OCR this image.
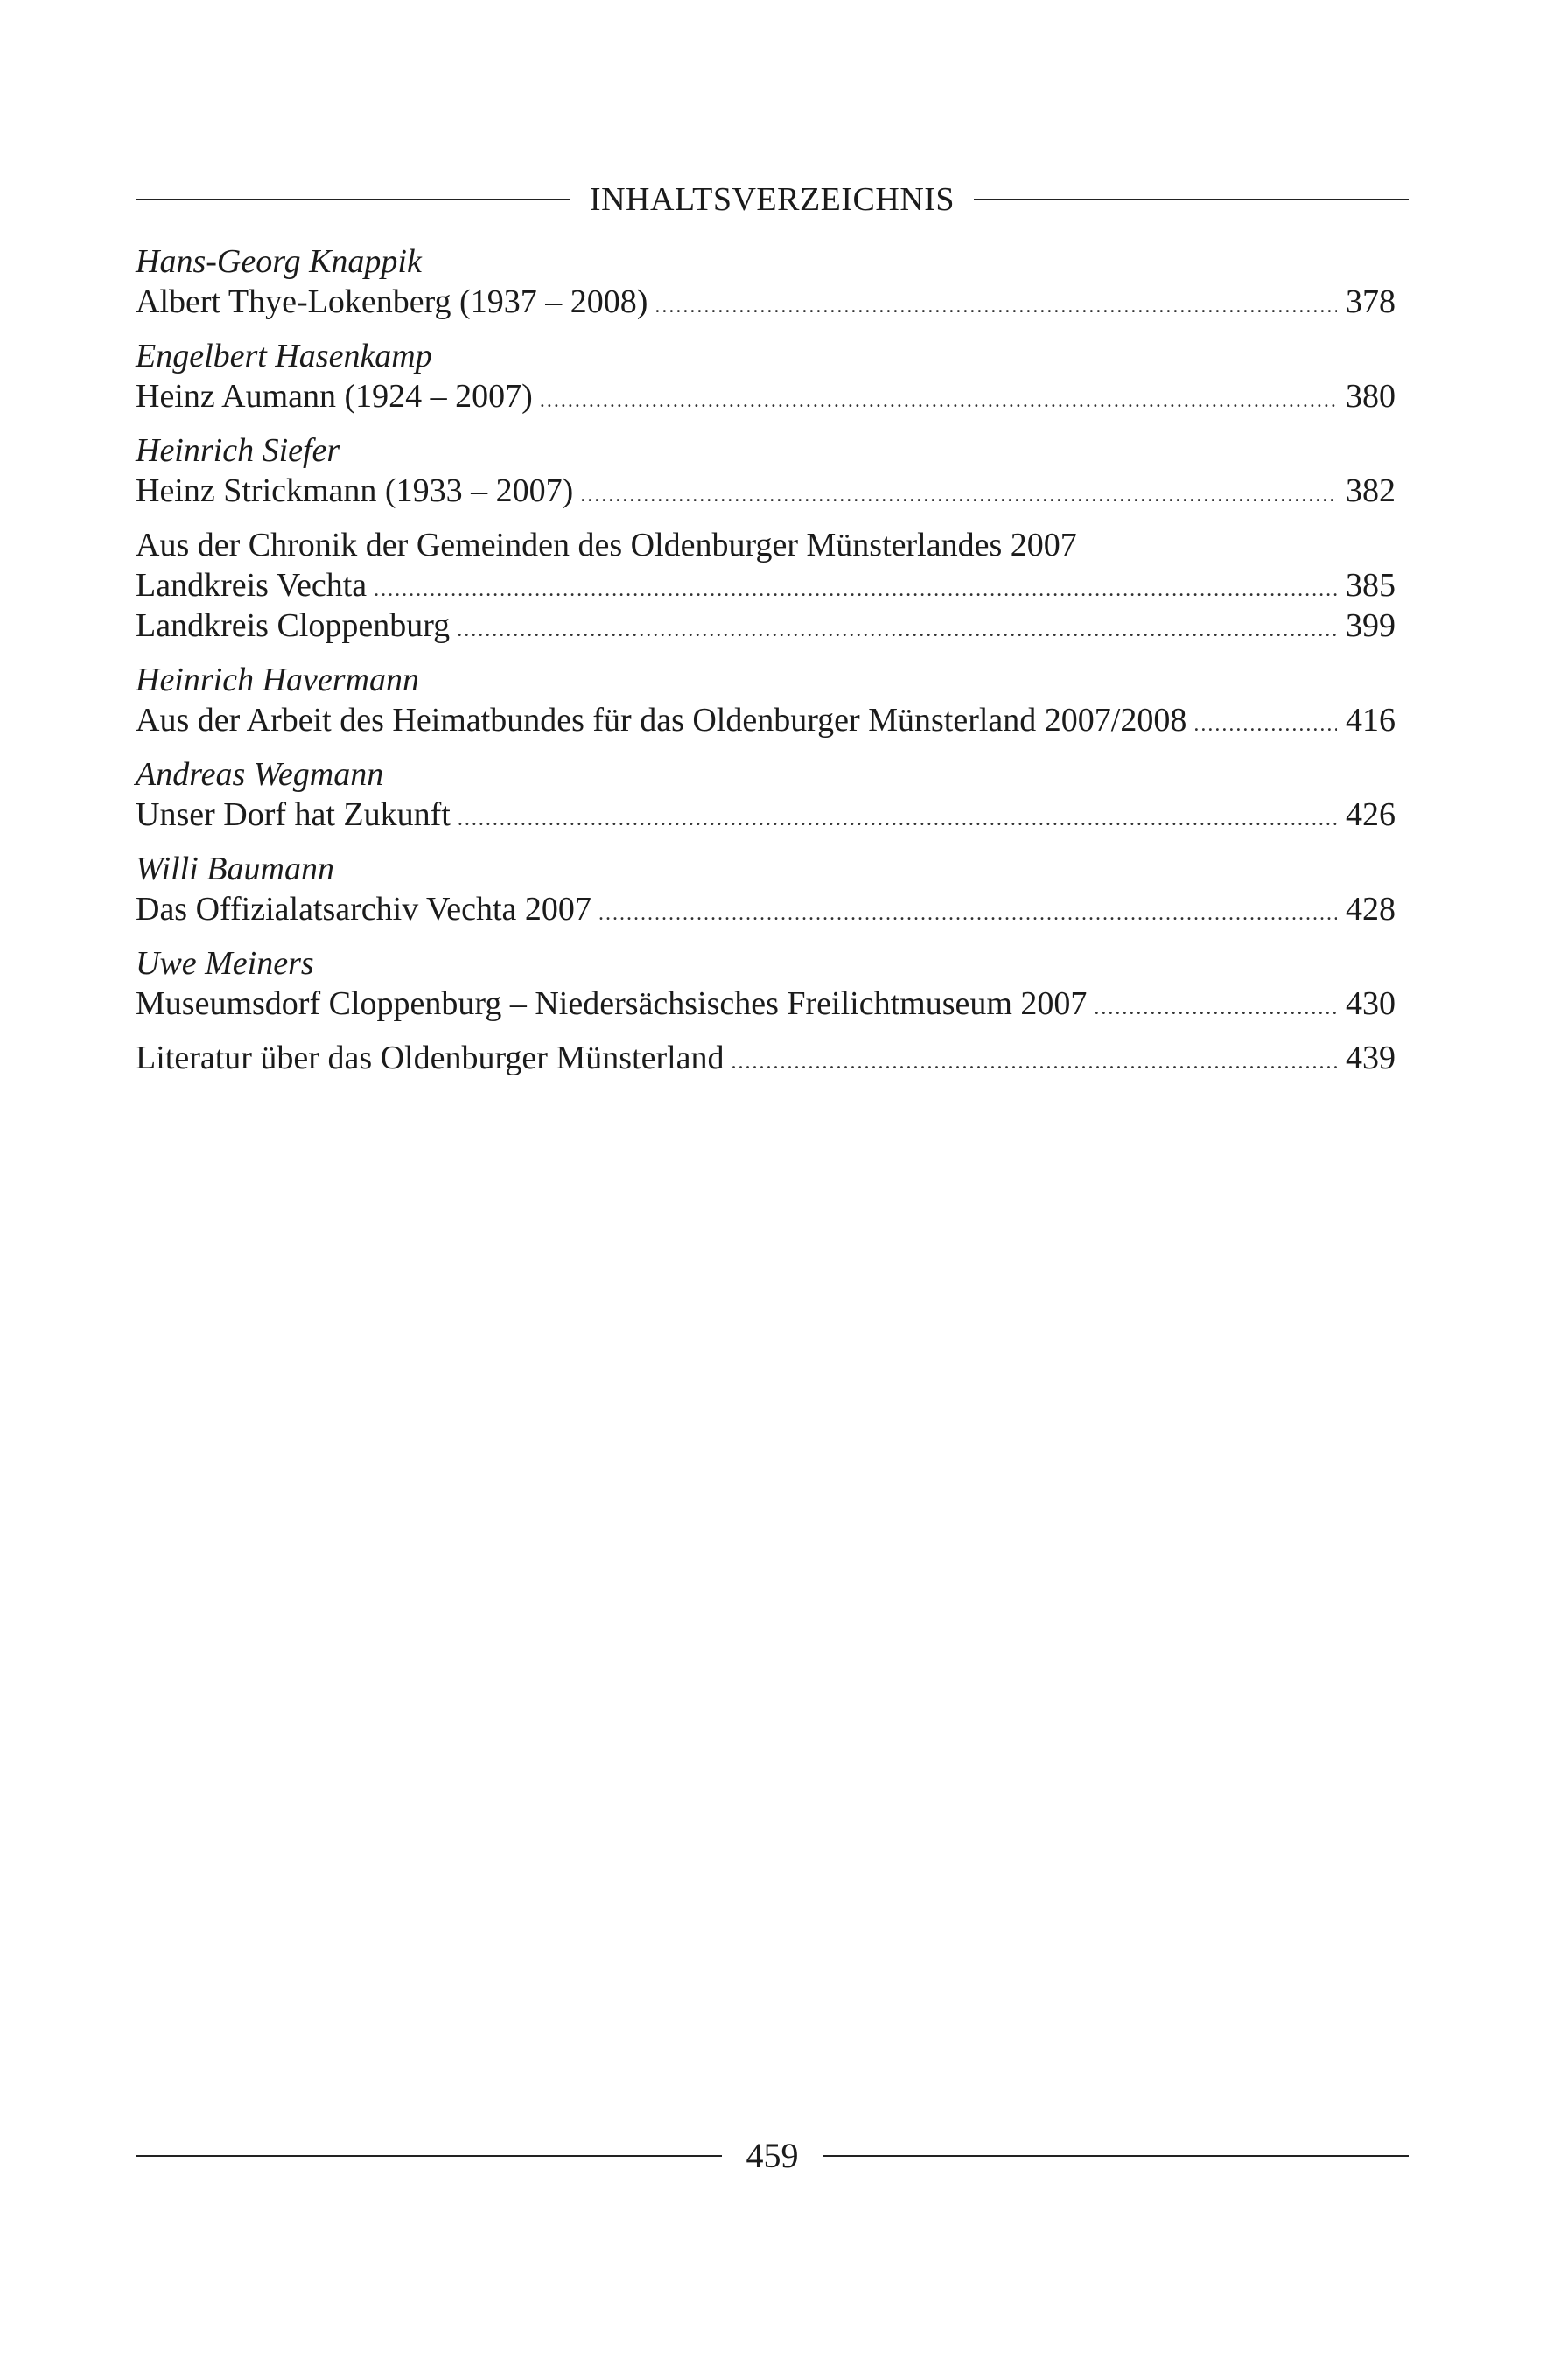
INHALTSVERZEICHNIS
Hans-Georg Knappik
Albert Thye-Lokenberg (1937 – 2008) .....	378
Engelbert Hasenkamp
Heinz Aumann (1924 – 2007) .....	380
Heinrich Siefer
Heinz Strickmann (1933 – 2007) .....	382
Aus der Chronik der Gemeinden des Oldenburger Münsterlandes 2007
Landkreis Vechta .....	385
Landkreis Cloppenburg .....	399
Heinrich Havermann
Aus der Arbeit des Heimatbundes für das Oldenburger Münsterland 2007/2008 .....	416
Andreas Wegmann
Unser Dorf hat Zukunft .....	426
Willi Baumann
Das Offizialatsarchiv Vechta 2007 .....	428
Uwe Meiners
Museumsdorf Cloppenburg – Niedersächsisches Freilichtmuseum 2007 .....	430
Literatur über das Oldenburger Münsterland .....	439
459
